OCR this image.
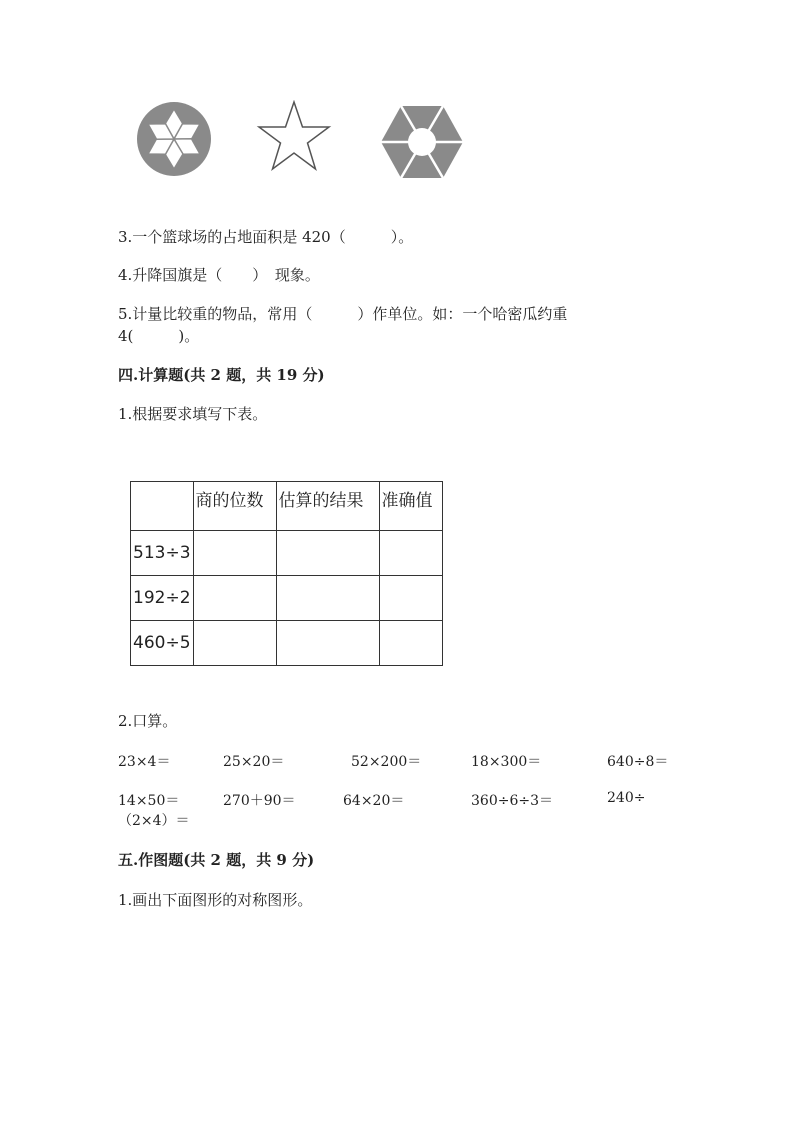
3.一个篮球场的占地面积是 420（　　　）。
4.升降国旗是（　　）　现象。
5.计量比较重的物品，常用（　　　）作单位。如：一个哈密瓜约重
4(　　　)。
四.计算题(共 2 题，共 19 分)
1.根据要求填写下表。
	商的位数	估算的结果	准确值
513÷3			
192÷2			
460÷5			
2.口算。
23×4＝	25×20＝	52×200＝	18×300＝	640÷8＝
14×50＝	270＋90＝	64×20＝	360÷6÷3＝	240÷
（2×4）＝
五.作图题(共 2 题，共 9 分)
1.画出下面图形的对称图形。
